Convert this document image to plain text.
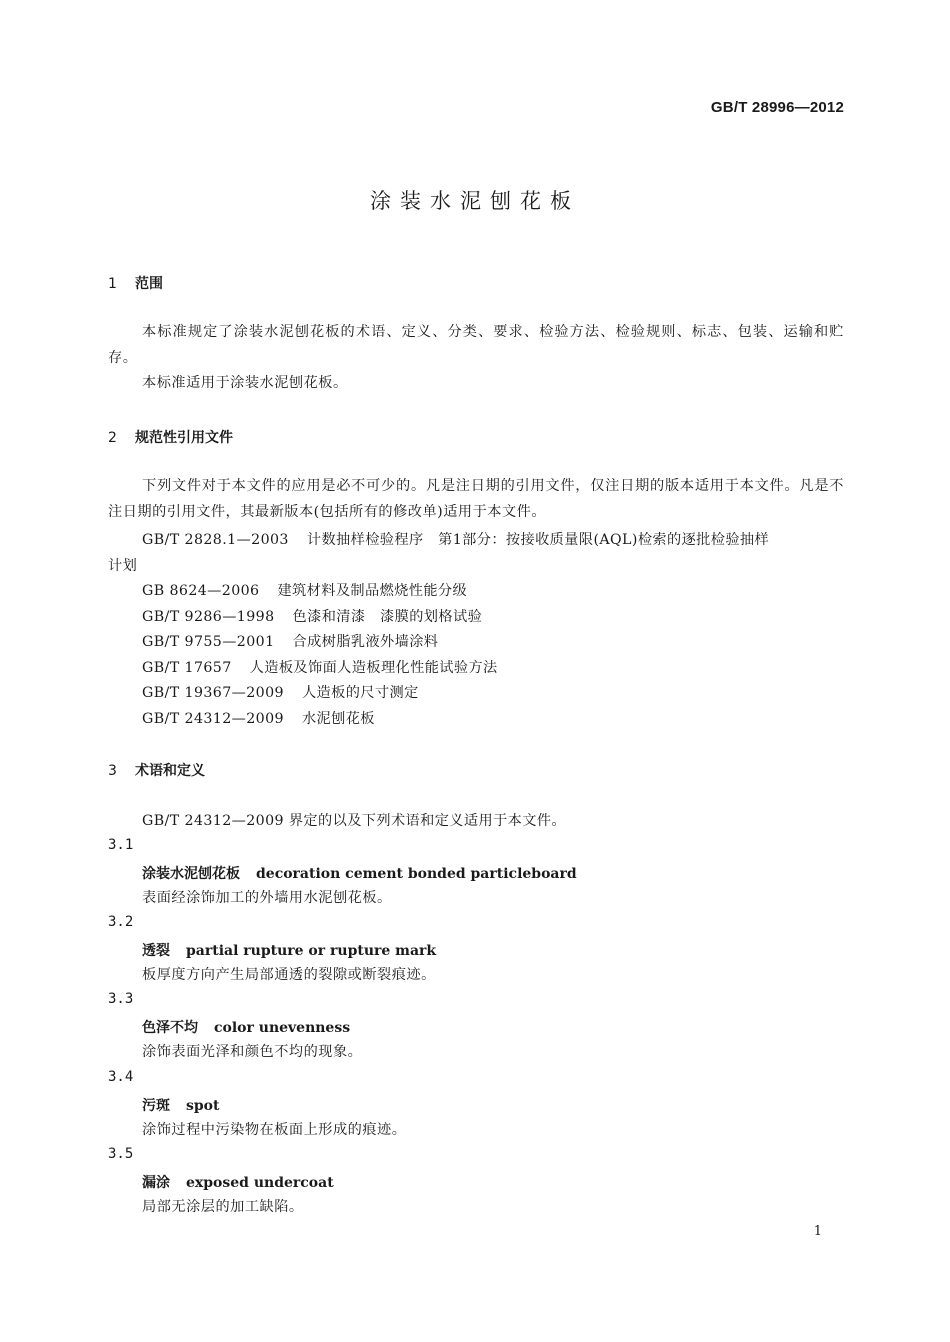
GB/T 28996—2012
涂装水泥刨花板
1 范围
本标准规定了涂装水泥刨花板的术语、定义、分类、要求、检验方法、检验规则、标志、包装、运输和贮存。
本标准适用于涂装水泥刨花板。
2 规范性引用文件
下列文件对于本文件的应用是必不可少的。凡是注日期的引用文件，仅注日期的版本适用于本文件。凡是不注日期的引用文件，其最新版本(包括所有的修改单)适用于本文件。
GB/T 2828.1—2003 计数抽样检验程序　第1部分：按接收质量限(AQL)检索的逐批检验抽样
计划
GB 8624—2006 建筑材料及制品燃烧性能分级
GB/T 9286—1998 色漆和清漆　漆膜的划格试验
GB/T 9755—2001 合成树脂乳液外墙涂料
GB/T 17657 人造板及饰面人造板理化性能试验方法
GB/T 19367—2009 人造板的尺寸测定
GB/T 24312—2009 水泥刨花板
3 术语和定义
GB/T 24312—2009 界定的以及下列术语和定义适用于本文件。
3.1
涂装水泥刨花板 decoration cement bonded particleboard
表面经涂饰加工的外墙用水泥刨花板。
3.2
透裂 partial rupture or rupture mark
板厚度方向产生局部通透的裂隙或断裂痕迹。
3.3
色泽不均 color unevenness
涂饰表面光泽和颜色不均的现象。
3.4
污斑 spot
涂饰过程中污染物在板面上形成的痕迹。
3.5
漏涂 exposed undercoat
局部无涂层的加工缺陷。
1
